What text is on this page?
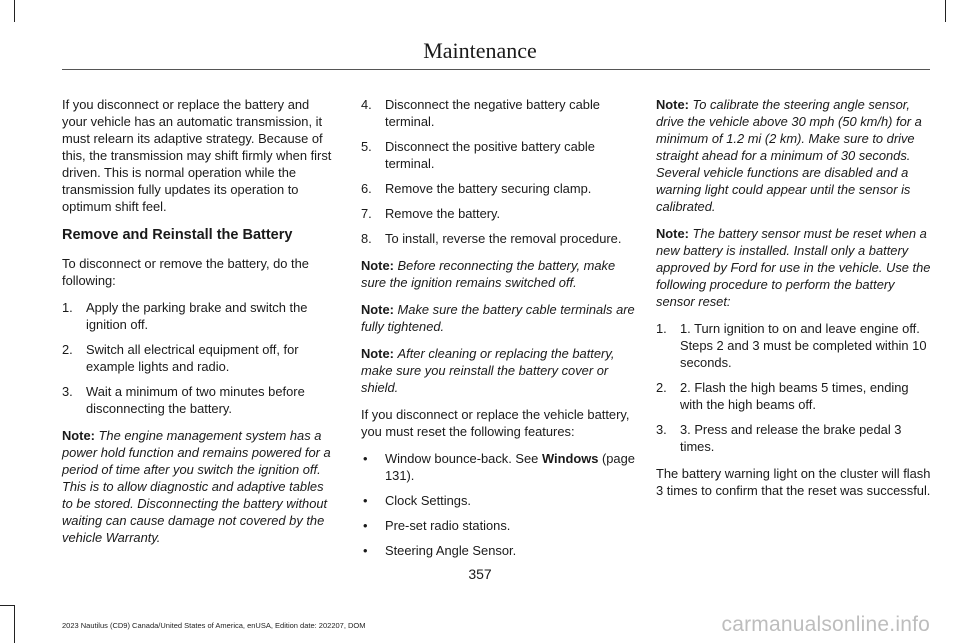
Maintenance

If you disconnect or replace the battery and your vehicle has an automatic transmission, it must relearn its adaptive strategy. Because of this, the transmission may shift firmly when first driven. This is normal operation while the transmission fully updates its operation to optimum shift feel.

Remove and Reinstall the Battery

To disconnect or remove the battery, do the following:

1. Apply the parking brake and switch the ignition off.
2. Switch all electrical equipment off, for example lights and radio.
3. Wait a minimum of two minutes before disconnecting the battery.

Note: The engine management system has a power hold function and remains powered for a period of time after you switch the ignition off. This is to allow diagnostic and adaptive tables to be stored. Disconnecting the battery without waiting can cause damage not covered by the vehicle Warranty.

4. Disconnect the negative battery cable terminal.
5. Disconnect the positive battery cable terminal.
6. Remove the battery securing clamp.
7. Remove the battery.
8. To install, reverse the removal procedure.

Note: Before reconnecting the battery, make sure the ignition remains switched off.

Note: Make sure the battery cable terminals are fully tightened.

Note: After cleaning or replacing the battery, make sure you reinstall the battery cover or shield.

If you disconnect or replace the vehicle battery, you must reset the following features:

• Window bounce-back. See Windows (page 131).
• Clock Settings.
• Pre-set radio stations.
• Steering Angle Sensor.

Note: To calibrate the steering angle sensor, drive the vehicle above 30 mph (50 km/h) for a minimum of 1.2 mi (2 km). Make sure to drive straight ahead for a minimum of 30 seconds. Several vehicle functions are disabled and a warning light could appear until the sensor is calibrated.

Note: The battery sensor must be reset when a new battery is installed. Install only a battery approved by Ford for use in the vehicle. Use the following procedure to perform the battery sensor reset:

1. 1. Turn ignition to on and leave engine off. Steps 2 and 3 must be completed within 10 seconds.
2. 2. Flash the high beams 5 times, ending with the high beams off.
3. 3. Press and release the brake pedal 3 times.

The battery warning light on the cluster will flash 3 times to confirm that the reset was successful.

357
2023 Nautilus (CD9) Canada/United States of America, enUSA, Edition date: 202207, DOM	carmanualsonline.info
